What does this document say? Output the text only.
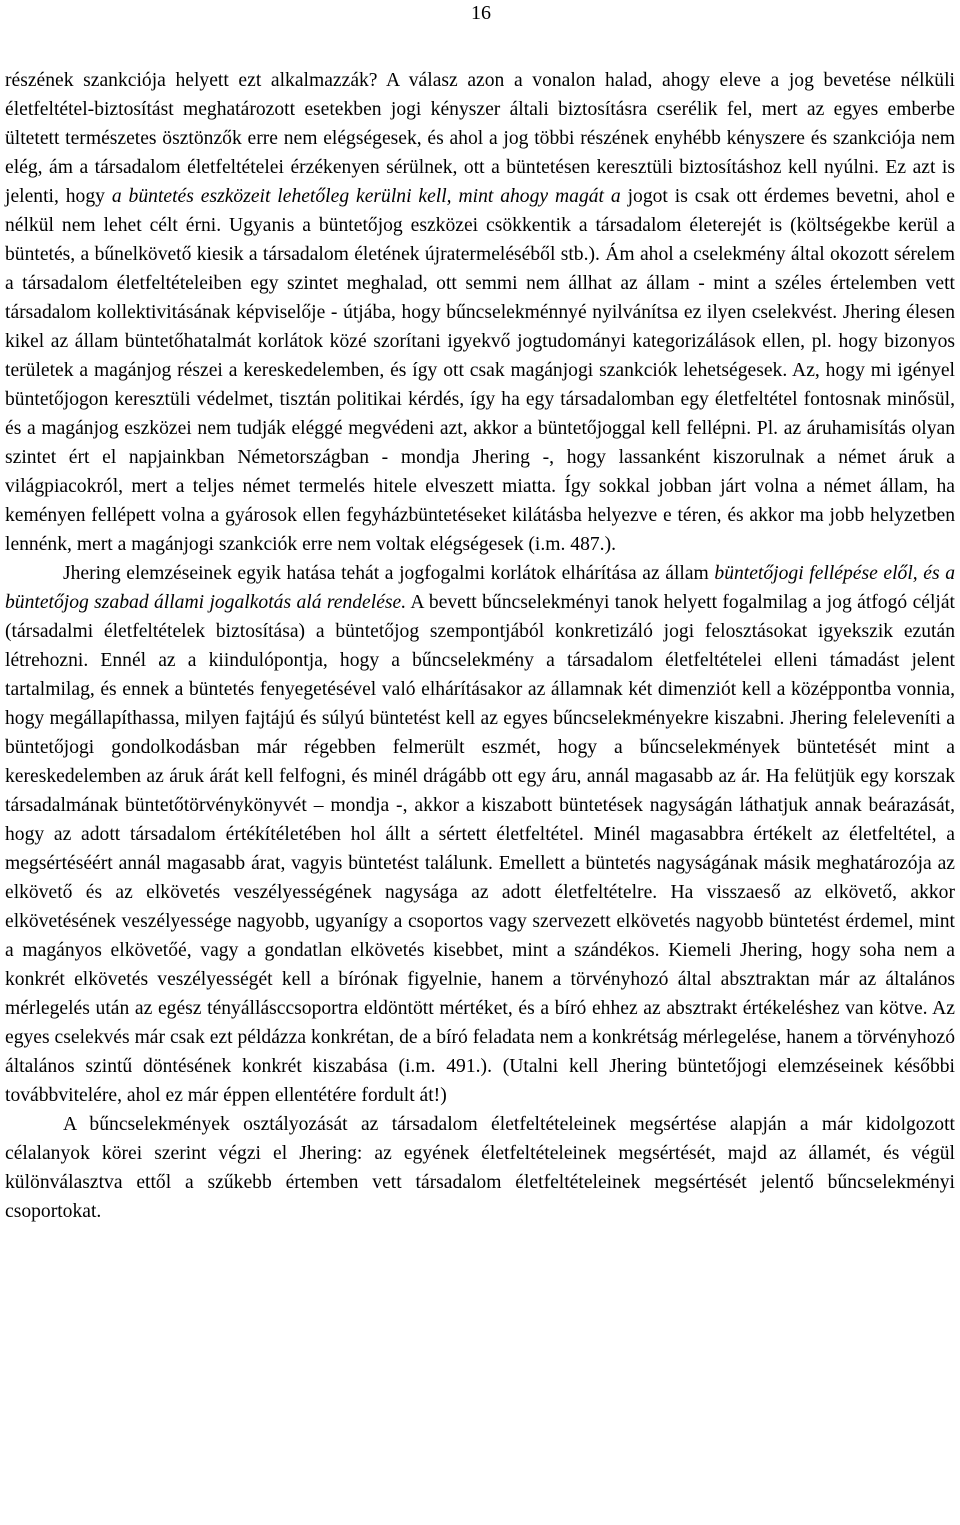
16

részének szankciója helyett ezt alkalmazzák? A válasz azon a vonalon halad, ahogy eleve a jog bevetése nélküli életfeltétel-biztosítást meghatározott esetekben jogi kényszer általi biztosításra cserélik fel, mert az egyes emberbe ültetett természetes ösztönzők erre nem elégségesek, és ahol a jog többi részének enyhébb kényszere és szankciója nem elég, ám a társadalom életfeltételei érzékenyen sérülnek, ott a büntetésen keresztüli biztosításhoz kell nyúlni. Ez azt is jelenti, hogy a büntetés eszközeit lehetőleg kerülni kell, mint ahogy magát a jogot is csak ott érdemes bevetni, ahol e nélkül nem lehet célt érni. Ugyanis a büntetőjog eszközei csökkentik a társadalom életerejét is (költségekbe kerül a büntetés, a bűnelkövető kiesik a társadalom életének újratermeléséből stb.). Ám ahol a cselekmény által okozott sérelem a társadalom életfeltételeiben egy szintet meghalad, ott semmi nem állhat az állam - mint a széles értelemben vett társadalom kollektivitásának képviselője - útjába, hogy bűncselekménnyé nyilvánítsa ez ilyen cselekvést. Jhering élesen kikel az állam büntetőhatalmát korlátok közé szorítani igyekvő jogtudományi kategorizálások ellen, pl. hogy bizonyos területek a magánjog részei a kereskedelemben, és így ott csak magánjogi szankciók lehetségesek. Az, hogy mi igényel büntetőjogon keresztüli védelmet, tisztán politikai kérdés, így ha egy társadalomban egy életfeltétel fontosnak minősül, és a magánjog eszközei nem tudják eléggé megvédeni azt, akkor a büntetőjoggal kell fellépni. Pl. az áruhamisítás olyan szintet ért el napjainkban Németországban - mondja Jhering -, hogy lassanként kiszorulnak a német áruk a világpiacokról, mert a teljes német termelés hitele elveszett miatta. Így sokkal jobban járt volna a német állam, ha keményen fellépett volna a gyárosok ellen fegyházbüntetéseket kilátásba helyezve e téren, és akkor ma jobb helyzetben lennénk, mert a magánjogi szankciók erre nem voltak elégségesek (i.m. 487.).

Jhering elemzéseinek egyik hatása tehát a jogfogalmi korlátok elhárítása az állam büntetőjogi fellépése elől, és a büntetőjog szabad állami jogalkotás alá rendelése. A bevett bűncselekményi tanok helyett fogalmilag a jog átfogó célját (társadalmi életfeltételek biztosítása) a büntetőjog szempontjából konkretizáló jogi felosztásokat igyekszik ezután létrehozni. Ennél az a kiindulópontja, hogy a bűncselekmény a társadalom életfeltételei elleni támadást jelent tartalmilag, és ennek a büntetés fenyegetésével való elhárításakor az államnak két dimenziót kell a középpontba vonnia, hogy megállapíthassa, milyen fajtájú és súlyú büntetést kell az egyes bűncselekményekre kiszabni. Jhering feleleveníti a büntetőjogi gondolkodásban már régebben felmerült eszmét, hogy a bűncselekmények büntetését mint a kereskedelemben az áruk árát kell felfogni, és minél drágább ott egy áru, annál magasabb az ár. Ha felütjük egy korszak társadalmának büntetőtörvénykönyvét – mondja -, akkor a kiszabott büntetések nagyságán láthatjuk annak beárazását, hogy az adott társadalom értékítéletében hol állt a sértett életfeltétel. Minél magasabbra értékelt az életfeltétel, a megsértéséért annál magasabb árat, vagyis büntetést találunk. Emellett a büntetés nagyságának másik meghatározója az elkövető és az elkövetés veszélyességének nagysága az adott életfeltételre. Ha visszaeső az elkövető, akkor elkövetésének veszélyessége nagyobb, ugyanígy a csoportos vagy szervezett elkövetés nagyobb büntetést érdemel, mint a magányos elkövetőé, vagy a gondatlan elkövetés kisebbet, mint a szándékos. Kiemeli Jhering, hogy soha nem a konkrét elkövetés veszélyességét kell a bírónak figyelnie, hanem a törvényhozó által absztraktan már az általános mérlegelés után az egész tényállásccsoportra eldöntött mértéket, és a bíró ehhez az absztrakt értékeléshez van kötve. Az egyes cselekvés már csak ezt példázza konkrétan, de a bíró feladata nem a konkrétság mérlegelése, hanem a törvényhozó általános szintű döntésének konkrét kiszabása (i.m. 491.). (Utalni kell Jhering büntetőjogi elemzéseinek későbbi továbbvitelére, ahol ez már éppen ellentétére fordult át!)

A bűncselekmények osztályozását az társadalom életfeltételeinek megsértése alapján a már kidolgozott célalanyok körei szerint végzi el Jhering: az egyének életfeltételeinek megsértését, majd az államét, és végül különválasztva ettől a szűkebb értemben vett társadalom életfeltételeinek megsértését jelentő bűncselekményi csoportokat.
